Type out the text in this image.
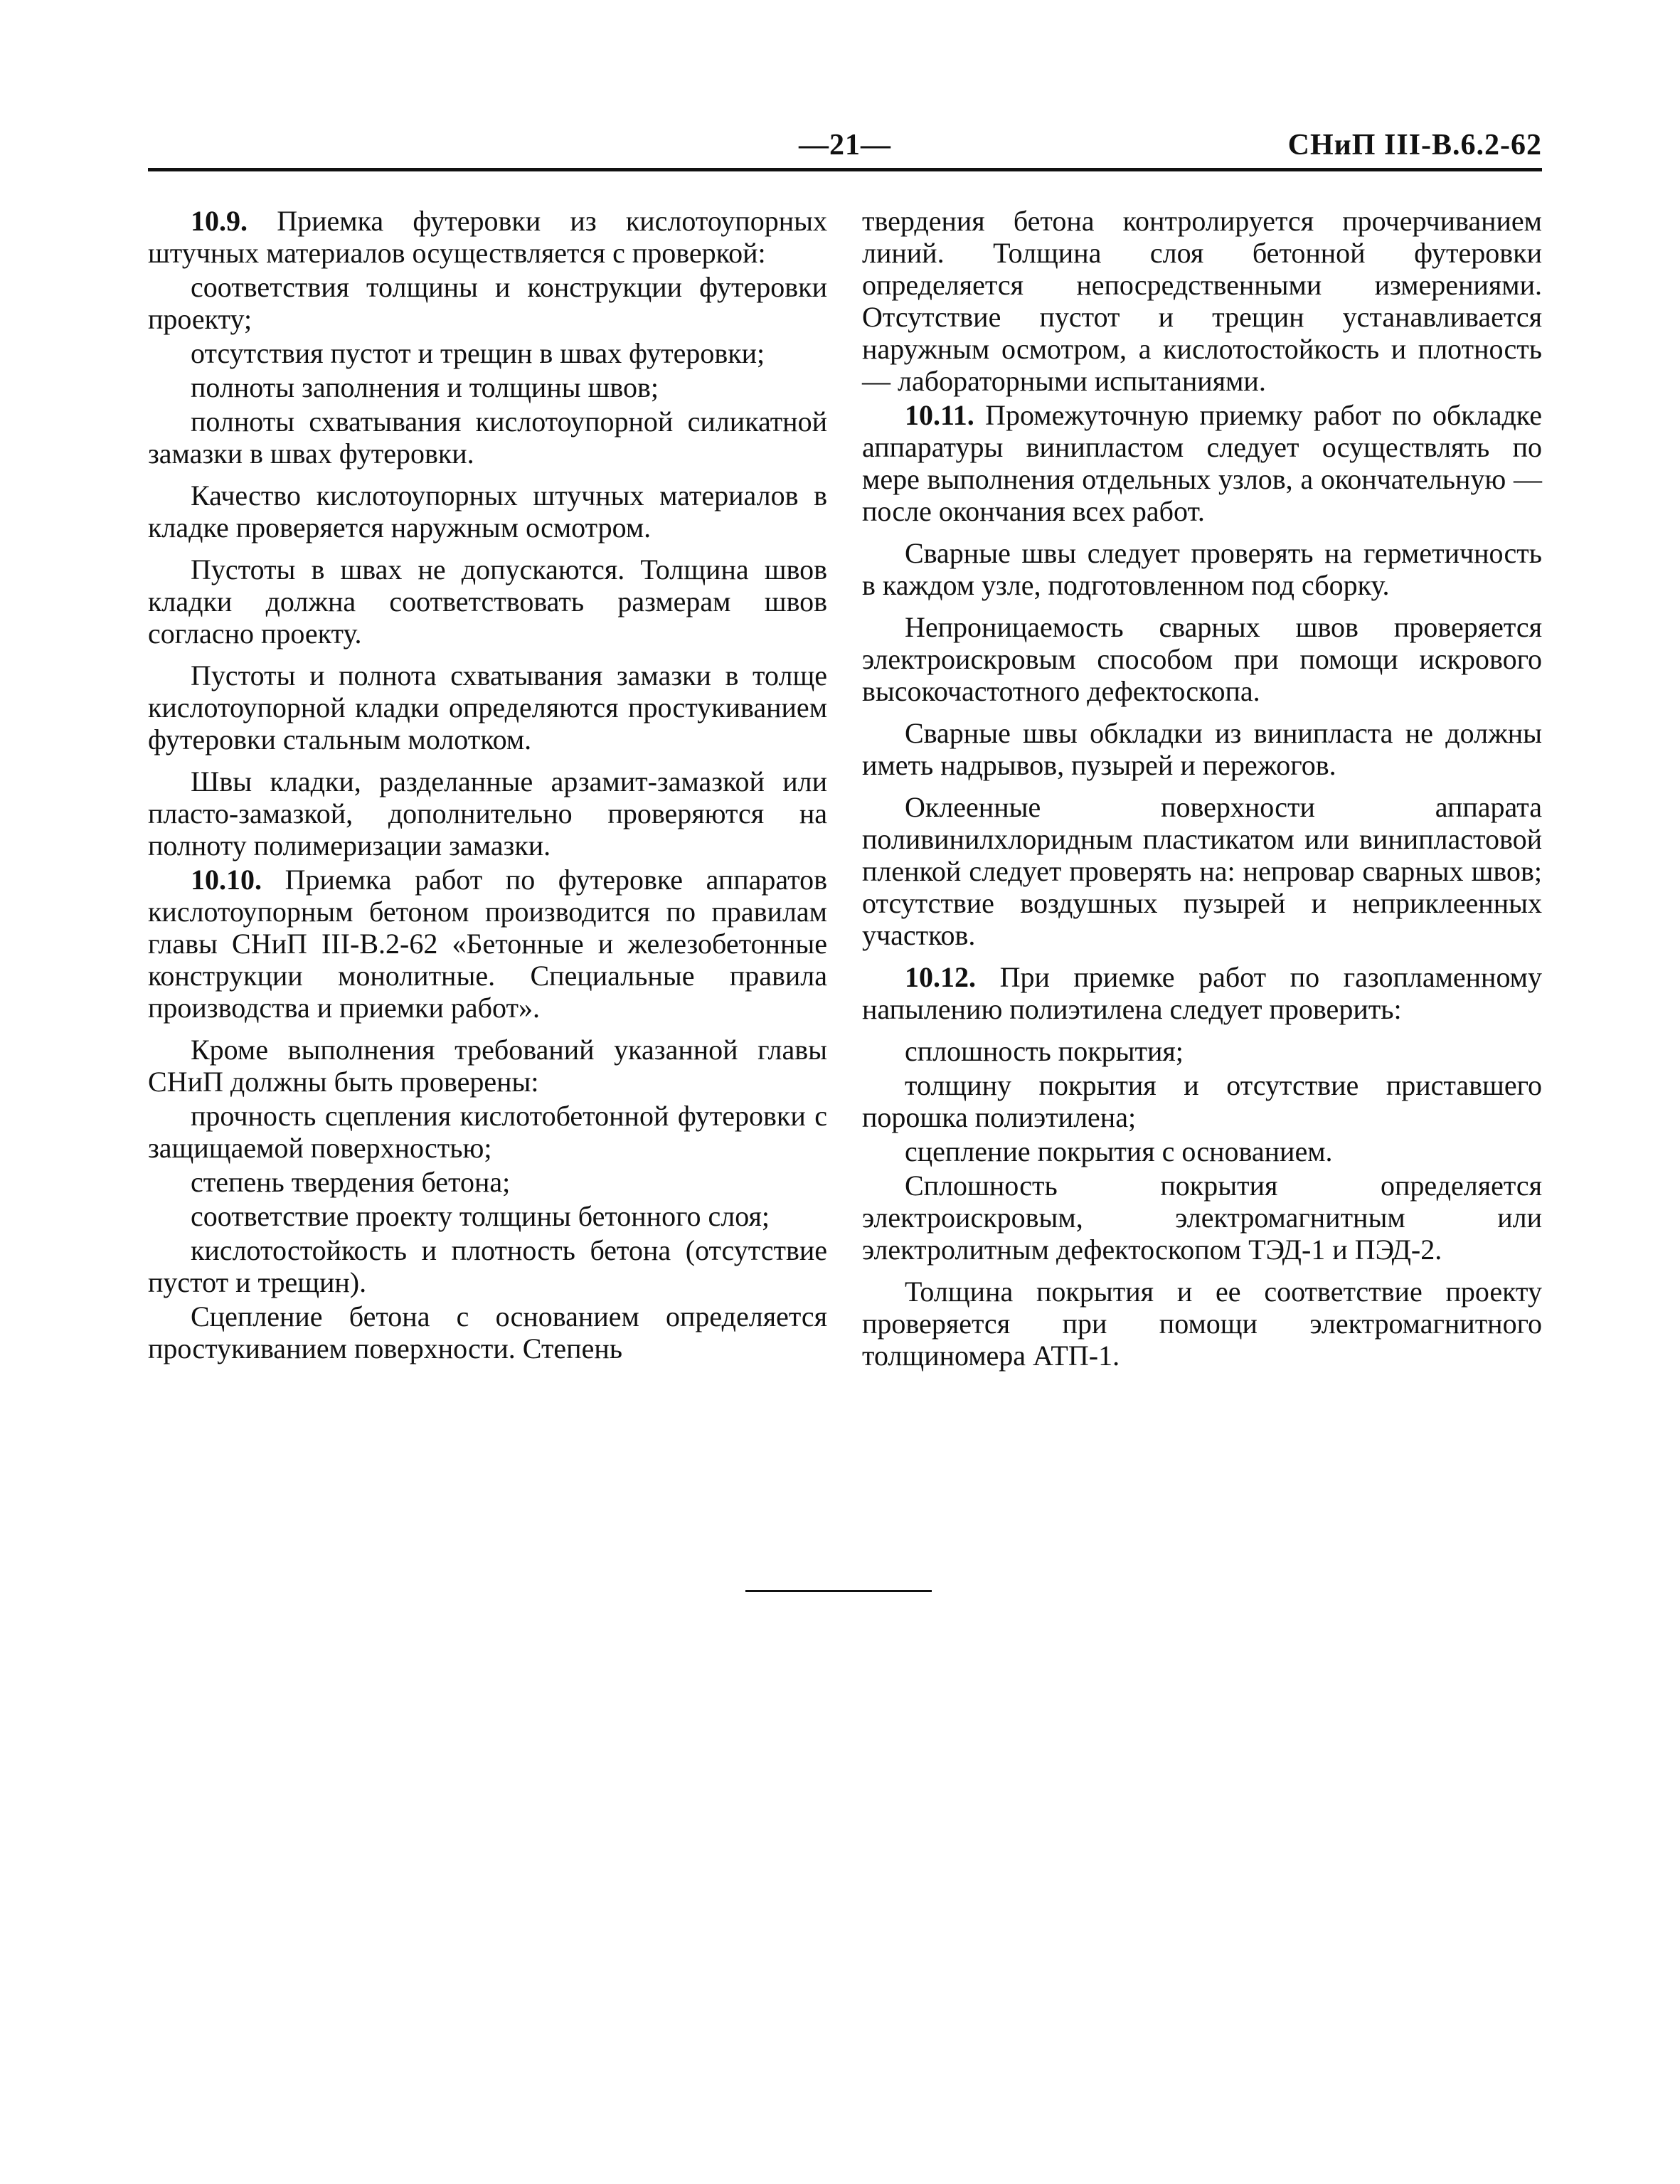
—21—	СНиП III-В.6.2-62

10.9. Приемка футеровки из кислотоупорных штучных материалов осуществляется с проверкой:

соответствия толщины и конструкции футеровки проекту;

отсутствия пустот и трещин в швах футеровки;

полноты заполнения и толщины швов;

полноты схватывания кислотоупорной силикатной замазки в швах футеровки.

Качество кислотоупорных штучных материалов в кладке проверяется наружным осмотром.

Пустоты в швах не допускаются. Толщина швов кладки должна соответствовать размерам швов согласно проекту.

Пустоты и полнота схватывания замазки в толще кислотоупорной кладки определяются простукиванием футеровки стальным молотком.

Швы кладки, разделанные арзамит-замазкой или пласто-замазкой, дополнительно проверяются на полноту полимеризации замазки.

10.10. Приемка работ по футеровке аппаратов кислотоупорным бетоном производится по правилам главы СНиП III-В.2-62 «Бетонные и железобетонные конструкции монолитные. Специальные правила производства и приемки работ».

Кроме выполнения требований указанной главы СНиП должны быть проверены:

прочность сцепления кислотобетонной футеровки с защищаемой поверхностью;

степень твердения бетона;

соответствие проекту толщины бетонного слоя;

кислотостойкость и плотность бетона (отсутствие пустот и трещин).

Сцепление бетона с основанием определяется простукиванием поверхности. Степень

твердения бетона контролируется прочерчиванием линий. Толщина слоя бетонной футеровки определяется непосредственными измерениями. Отсутствие пустот и трещин устанавливается наружным осмотром, а кислотостойкость и плотность — лабораторными испытаниями.

10.11. Промежуточную приемку работ по обкладке аппаратуры винипластом следует осуществлять по мере выполнения отдельных узлов, а окончательную — после окончания всех работ.

Сварные швы следует проверять на герметичность в каждом узле, подготовленном под сборку.

Непроницаемость сварных швов проверяется электроискровым способом при помощи искрового высокочастотного дефектоскопа.

Сварные швы обкладки из винипласта не должны иметь надрывов, пузырей и пережогов.

Оклеенные поверхности аппарата поливинилхлоридным пластикатом или винипластовой пленкой следует проверять на: непровар сварных швов; отсутствие воздушных пузырей и неприклеенных участков.

10.12. При приемке работ по газопламенному напылению полиэтилена следует проверить:

сплошность покрытия;

толщину покрытия и отсутствие приставшего порошка полиэтилена;

сцепление покрытия с основанием.

Сплошность покрытия определяется электроискровым, электромагнитным или электролитным дефектоскопом ТЭД-1 и ПЭД-2.

Толщина покрытия и ее соответствие проекту проверяется при помощи электромагнитного толщиномера АТП-1.
